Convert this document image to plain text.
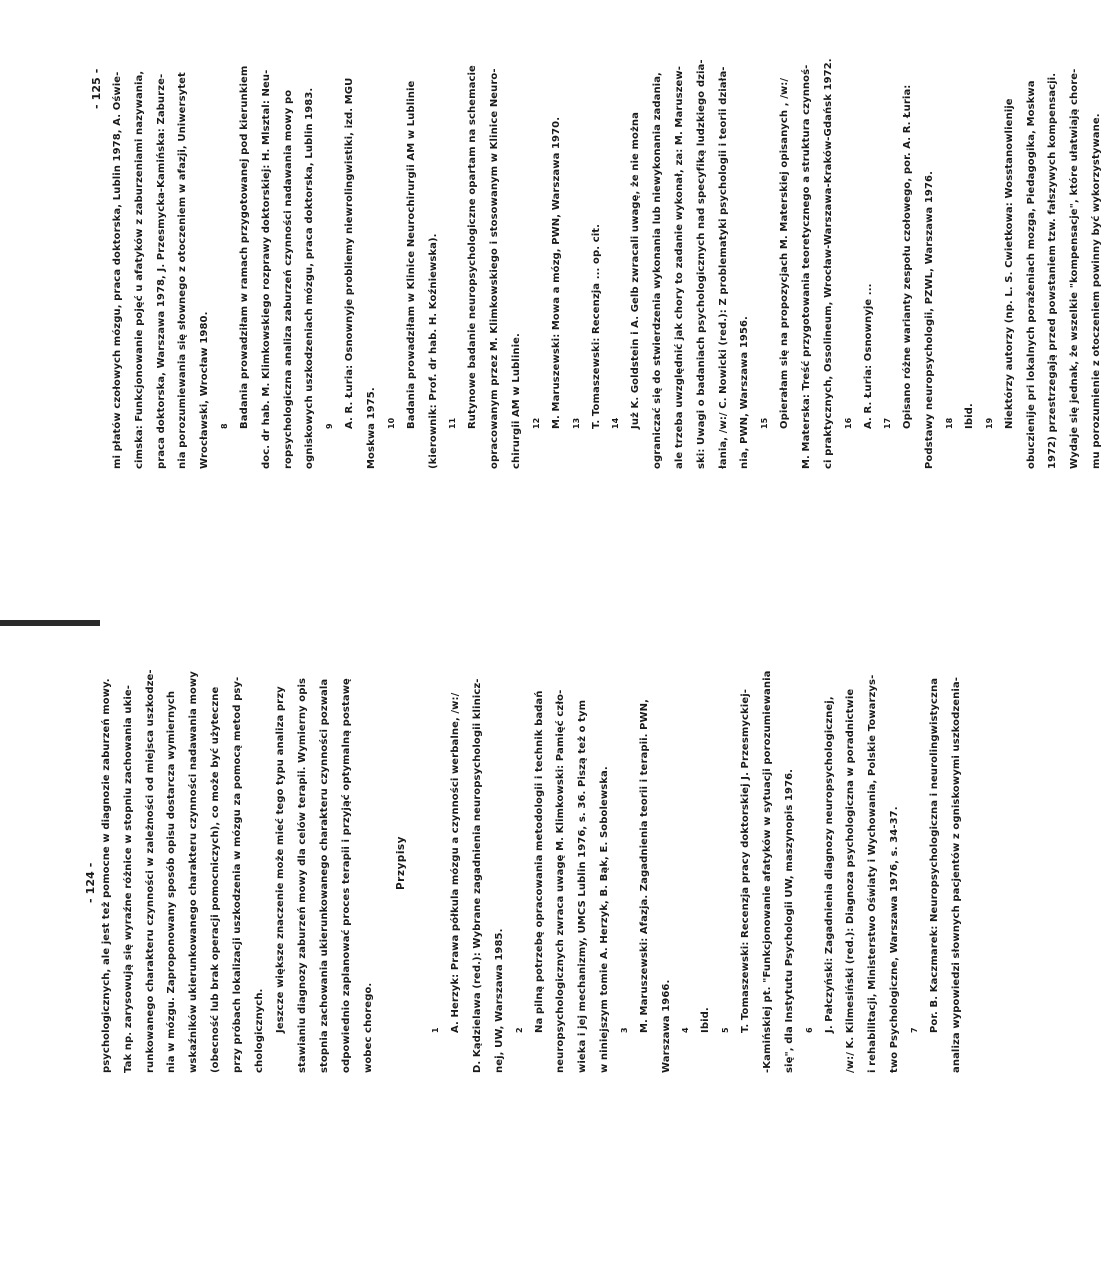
- 124 - psychologicznych, ale jest też pomocne w diagnozie zaburzeń mowy.	Tak np. zarysowują się wyraźne różnice w stopniu zachowania ukie-	runkowanego charakteru czynności w zależności od miejsca uszkodze-	nia w mózgu. Zaproponowany sposób opisu dostarcza wymiernych	wskaźników ukierunkowanego charakteru czynności nadawania mowy	(obecność lub brak operacji pomocniczych), co może być użyteczne	przy próbach lokalizacji uszkodzenia w mózgu za pomocą metod psy-	chologicznych.	Jeszcze większe znaczenie może mieć tego typu analiza przy	stawianiu diagnozy zaburzeń mowy dla celów terapii. Wymierny opis	stopnia zachowania ukierunkowanego charakteru czynności pozwala	odpowiednio zaplanować proces terapii i przyjąć optymalną postawę	wobec chorego.
Przypisy
$^1$	A. Herzyk: Prawa półkula mózgu a czynności werbalne, /w:/	D. Kądzielawa (red.): Wybrane zagadnienia neuropsychologii klinicz-	nej, UW, Warszawa 1985.	$^2$	Na pilną potrzebę opracowania metodologii i technik badań	neuropsychologicznych zwraca uwagę M. Klimkowski: Pamięć czło-	wieka i jej mechanizmy, UMCS Lublin 1976, s. 36. Piszą też o tym	w niniejszym tomie A. Herzyk, B. Bąk, E. Sobolewska.	$^3$	M. Maruszewski: Afazja. Zagadnienia teorii i terapii. PWN,	Warszawa 1966.	$^4$	Ibid.	$^5$	T. Tomaszewski: Recenzja pracy doktorskiej J. Przesmyckiej-	-Kamińskiej pt. "Funkcjonowanie afatyków w sytuacji porozumiewania	się", dla Instytutu Psychologii UW, maszynopis 1976.	$^6$	J. Pałczyński: Zagadnienia diagnozy neuropsychologicznej,	/w:/ K. Kilmesiński (red.): Diagnoza psychologiczna w poradnictwie	i rehabilitacji, Ministerstwo Oświaty i Wychowania, Polskie Towarzys-	two Psychologiczne, Warszawa 1976, s. 34-37.	$^7$	Por. B. Kaczmarek: Neuropsychologiczna i neurolingwistyczna	analiza wypowiedzi słownych pacjentów z ogniskowymi uszkodzenia-
- 125 - mi płatów czołowych mózgu, praca doktorska, Lublin 1978, A. Oświe-	cimska: Funkcjonowanie pojęć u afatyków z zaburzeniami nazywania,	praca doktorska, Warszawa 1978, J. Przesmycka-Kamińska: Zaburze-	nia porozumiewania się słownego z otoczeniem w afazji, Uniwersytet	Wrocławski, Wrocław 1980.	$^8$	Badania prowadziłam w ramach przygotowanej pod kierunkiem	doc. dr hab. M. Klimkowskiego rozprawy doktorskiej: H. Mlsztal: Neu-	ropsychologiczna analiza zaburzeń czynności nadawania mowy po	ogniskowych uszkodzeniach mózgu, praca doktorska, Lublin 1983.	$^9$	A. R. Łuria: Osnownyje probliemy niewrolingwistiki, izd. MGU	Moskwa 1975.	$^{10}$	Badania prowadziłam w Klinice Neurochirurgii AM w Lublinie	(kierownik: Prof. dr hab. H. Koźniewska).	$^{11}$	Rutynowe badanie neuropsychologiczne opartam na schemacie	opracowanym przez M. Klimkowskiego i stosowanym w Klinice Neuro-	chirurgii AM w Lublinie.	$^{12}$	M. Maruszewski: Mowa a mózg, PWN, Warszawa 1970.	$^{13}$	T. Tomaszewski: Recenzja ... op. cit.	$^{14}$	Już K. Goldstein i A. Gelb zwracali uwagę, że nie można	ograniczać się do stwierdzenia wykonania lub niewykonania zadania,	ale trzeba uwzględnić jak chory to zadanie wykonał, za: M. Maruszew-	ski: Uwagi o badaniach psychologicznych nad specyfiką ludzkiego dzia-	łania, /w:/ C. Nowicki (red.): Z problematyki psychologii i teorii działa-	nia, PWN, Warszawa 1956.	$^{15}$	Opierałam się na propozycjach M. Materskiej opisanych , /w:/	M. Materska: Treść przygotowania teoretycznego a struktura czynnoś-	ci praktycznych, Ossolineum, Wrocław-Warszawa-Kraków-Gdańsk 1972.	$^{16}$	A. R. Łuria: Osnownyje ...	$^{17}$	Opisano różne warianty zespołu czołowego, por. A. R. Łuria:	Podstawy neuropsychologii, PZWL, Warszawa 1976.	$^{18}$	Ibid.	$^{19}$	Niektórzy autorzy (np. L. S. Cwietkowa: Wosstanowlienije	obuczienije pri lokalnych porażeniach mozga, Piedagogika, Moskwa	1972) przestrzegają przed powstaniem tzw. fałszywych kompensacji.	Wydaje się jednak, że wszelkie "kompensacje", które ułatwiają chore-	mu porozumienie z otoczeniem powinny być wykorzystywane.
